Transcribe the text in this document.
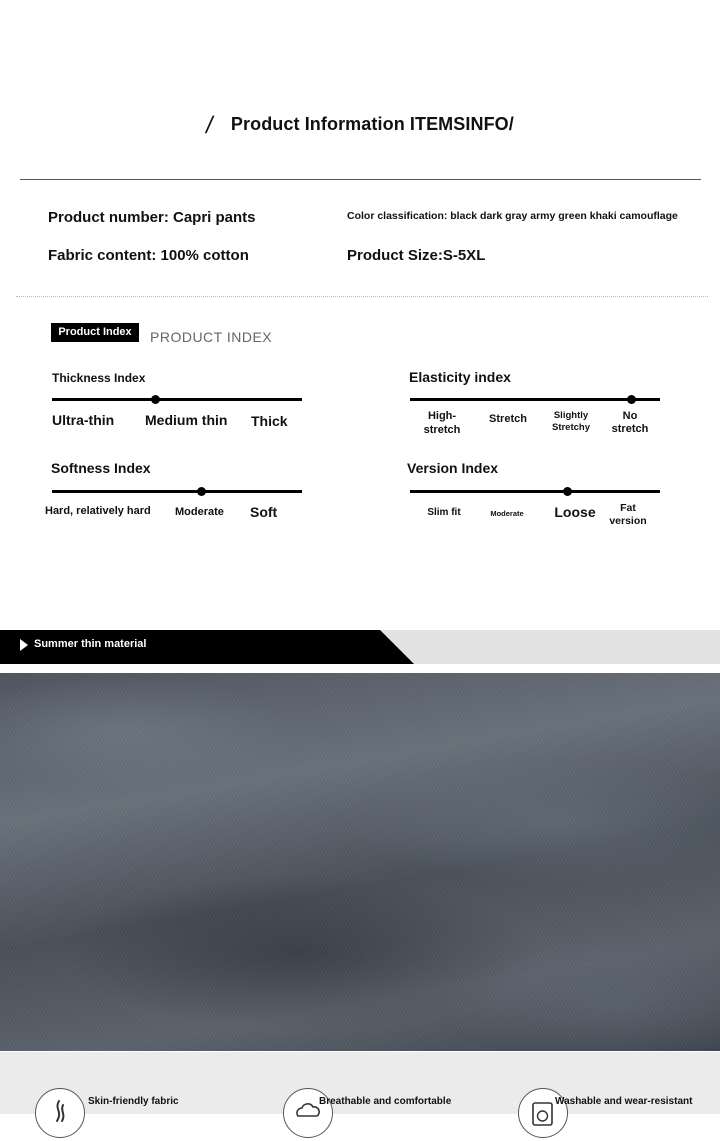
/ Product Information ITEMSINFO/
Product number: Capri pants	Color classification: black dark gray army green khaki camouflage
Fabric content: 100% cotton	Product Size:S-5XL
Product Index	PRODUCT INDEX
Thickness Index
Ultra-thin Medium thin Thick
Elasticity index
High-
stretch
Stretch	Slightly
Stretchy
No
stretch
Softness Index
Hard, relatively hard Moderate Soft
Version Index
Slim fit	Moderate	Loose	Fat
version
Summer thin material
Skin-friendly fabric	Breathable and comfortable	Washable and wear-resistant
